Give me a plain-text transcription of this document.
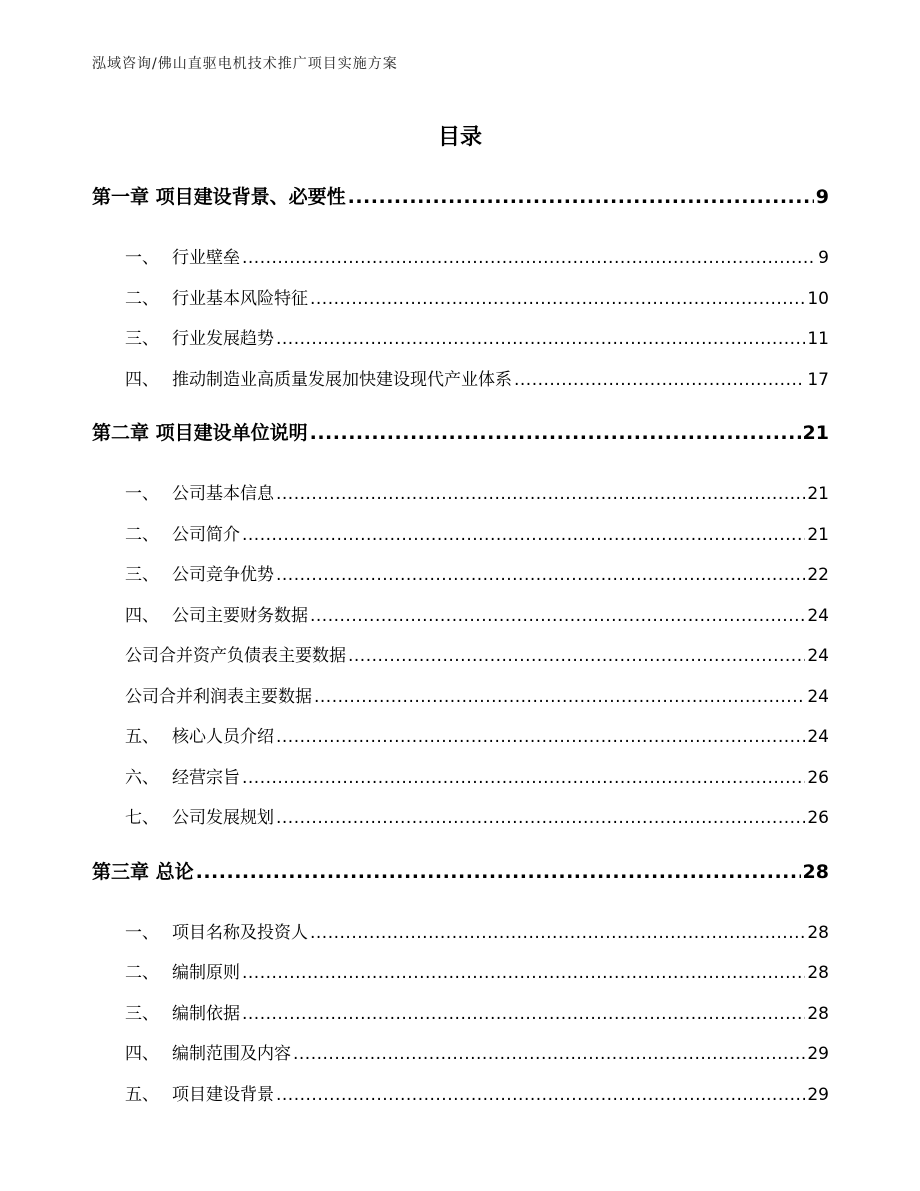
泓域咨询/佛山直驱电机技术推广项目实施方案
目录
第一章 项目建设背景、必要性 .....	9
一、 行业壁垒 .....	9
二、 行业基本风险特征 .....	10
三、 行业发展趋势 .....	11
四、 推动制造业高质量发展加快建设现代产业体系 .....	17
第二章 项目建设单位说明 .....	21
一、 公司基本信息 .....	21
二、 公司简介 .....	21
三、 公司竞争优势 .....	22
四、 公司主要财务数据 .....	24
公司合并资产负债表主要数据 .....	24
公司合并利润表主要数据 .....	24
五、 核心人员介绍 .....	24
六、 经营宗旨 .....	26
七、 公司发展规划 .....	26
第三章 总论 .....	28
一、 项目名称及投资人 .....	28
二、 编制原则 .....	28
三、 编制依据 .....	28
四、 编制范围及内容 .....	29
五、 项目建设背景 .....	29
